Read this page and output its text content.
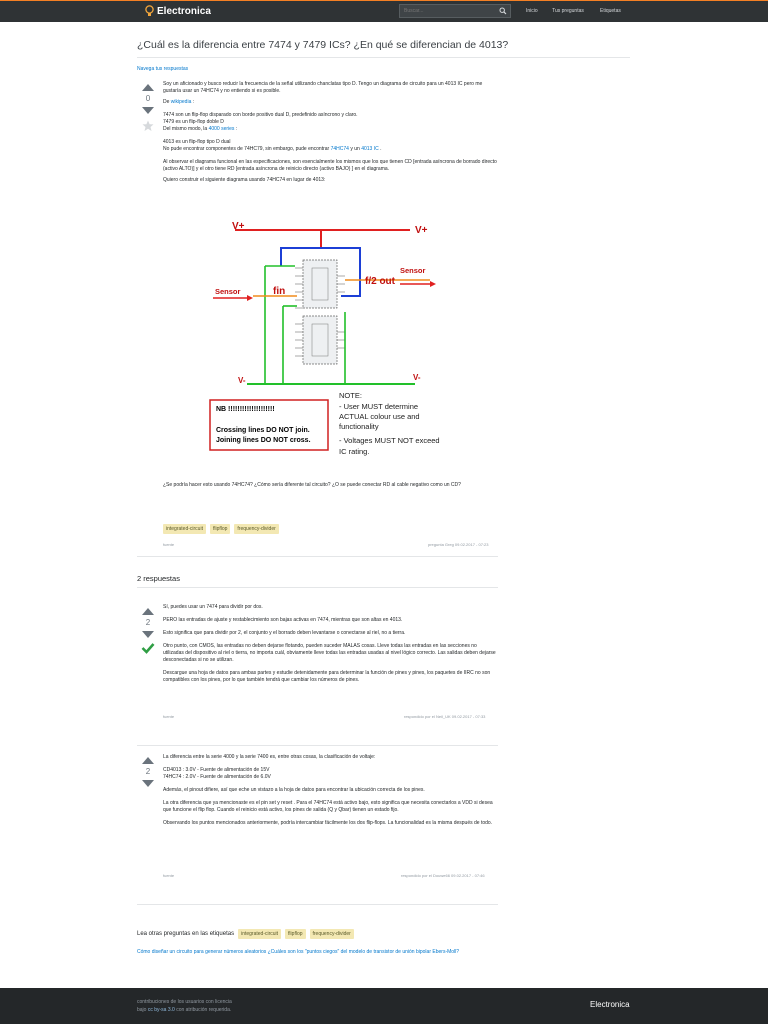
Electronica
Buscar...	Inicio	Tus preguntas	Etiquetas
¿Cuál es la diferencia entre 7474 y 7479 ICs? ¿En qué se diferencian de 4013?
Navega tus respuestas
0

Soy un aficionado y busco reducir la frecuencia de la señal utilizando chanclatas tipo D. Tengo un diagrama de circuito para un 4013 IC pero me gustaría usar un 74HC74 y no entiendo si es posible.

De wikipedia :

7474 son un flip-flop disparado con borde positivo dual D, predefinido asíncrono y claro.
7479 es un flip-flop doble D
Del mismo modo, la 4000 series :

4013 es un flip-flop tipo D dual
No pude encontrar componentes de 74HC79, sin embargo, pude encontrar 74HC74 y un 4013 IC .

Al observar el diagrama funcional en las especificaciones, son esencialmente los mismos que los que tienen CD [entrada asíncrona de borrado directo (activo ALTO)] y el otro tiene RD [entrada asíncrona de reinicio directo (activo BAJO) ] en el diagrama.

Quiero construir el siguiente diagrama usando 74HC74 en lugar de 4013:

V+	V+
Sensor	fin
f/2 out
Sensor
V-	V-
NB !!!!!!!!!!!!!!!!!!!!
Crossing lines DO NOT join.
Joining lines DO NOT cross.
NOTE:
- User MUST determine
ACTUAL colour use and
functionality
- Voltages MUST NOT exceed
IC rating.

¿Se podría hacer esto usando 74HC74? ¿Cómo sería diferente tal circuito? ¿O se puede conectar RD al cable negativo como un CD?

integrated-circuit	flipflop	frequency-divider
fuente	pregunta Greg 09.02.2017 - 07:23
2 respuestas
2

Sí, puedes usar un 7474 para dividir por dos.

PERO las entradas de ajuste y restablecimiento son bajas activas en 7474, mientras que son altas en 4013.

Esto significa que para dividir por 2, el conjunto y el borrado deben levantarse o conectarse al riel, no a tierra.

Otro punto, con CMOS, las entradas no deben dejarse flotando, pueden suceder MALAS cosas. Lleve todas las entradas en las secciones no utilizadas del dispositivo al riel o tierra, no importa cuál, obviamente lleve todas las entradas usadas al nivel lógico correcto. Las salidas deben dejarse desconectadas si no se utilizan.

Descargue una hoja de datos para ambas partes y estudie detenidamente para determinar la función de pines y pines, los paquetes de IIRC no son compatibles con los pines, por lo que también tendrá que cambiar los números de pines.

fuente	respondido por el Neil_UK 09.02.2017 - 07:33
2

La diferencia entre la serie 4000 y la serie 7400 es, entre otras cosas, la clasificación de voltaje:

CD4013 : 3.0V - Fuente de alimentación de 15V

74HC74 : 2.0V - Fuente de alimentación de 6.0V

Además, el pinout difiere, así que eche un vistazo a la hoja de datos para encontrar la ubicación correcta de los pines.

La otra diferencia que ya mencionaste es el pin set y reset . Para el 74HC74 está activo bajo, esto significa que necesita conectarlos a VDD si desea que funcione el flip flop. Cuando el reinicio está activo, los pines de salida (Q y Qbar) tienen un estado fijo.

Observando los puntos mencionados anteriormente, podría intercambiar fácilmente los dos flip-flops. La funcionalidad es la misma después de todo.

fuente	respondido por el Douwe66 09.02.2017 - 07:46
Lea otras preguntas en las etiquetas	integrated-circuit	flipflop	frequency-divider
Cómo diseñar un circuito para generar números aleatorios ¿Cuáles son los "puntos ciegos" del modelo de transistor de unión bipolar Ebers-Moll?
contribuciones de los usuarios con licencia
bajo cc by-sa 3.0 con atribución requerida.
Electronica
